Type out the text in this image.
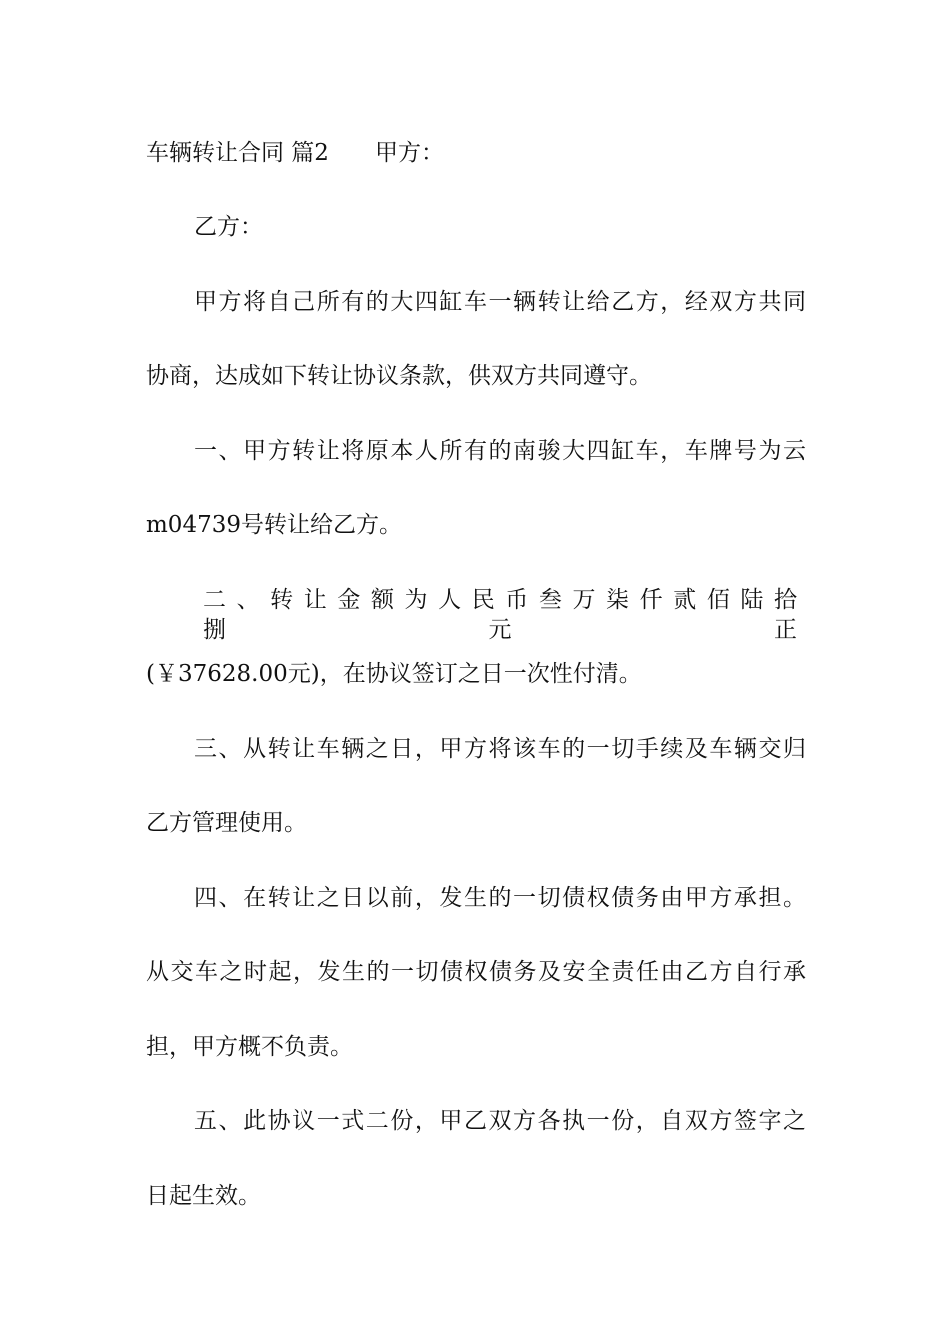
车辆转让合同 篇2 甲方：
乙方：
甲方将自己所有的大四缸车一辆转让给乙方，经双方共同
协商，达成如下转让协议条款，供双方共同遵守。
一、甲方转让将原本人所有的南骏大四缸车，车牌号为云
m04739号转让给乙方。
二、转让金额为人民币叁万柒仟贰佰陆拾捌元正
(￥37628.00元)，在协议签订之日一次性付清。
三、从转让车辆之日，甲方将该车的一切手续及车辆交归
乙方管理使用。
四、在转让之日以前，发生的一切债权债务由甲方承担。
从交车之时起，发生的一切债权债务及安全责任由乙方自行承
担，甲方概不负责。
五、此协议一式二份，甲乙双方各执一份，自双方签字之
日起生效。
